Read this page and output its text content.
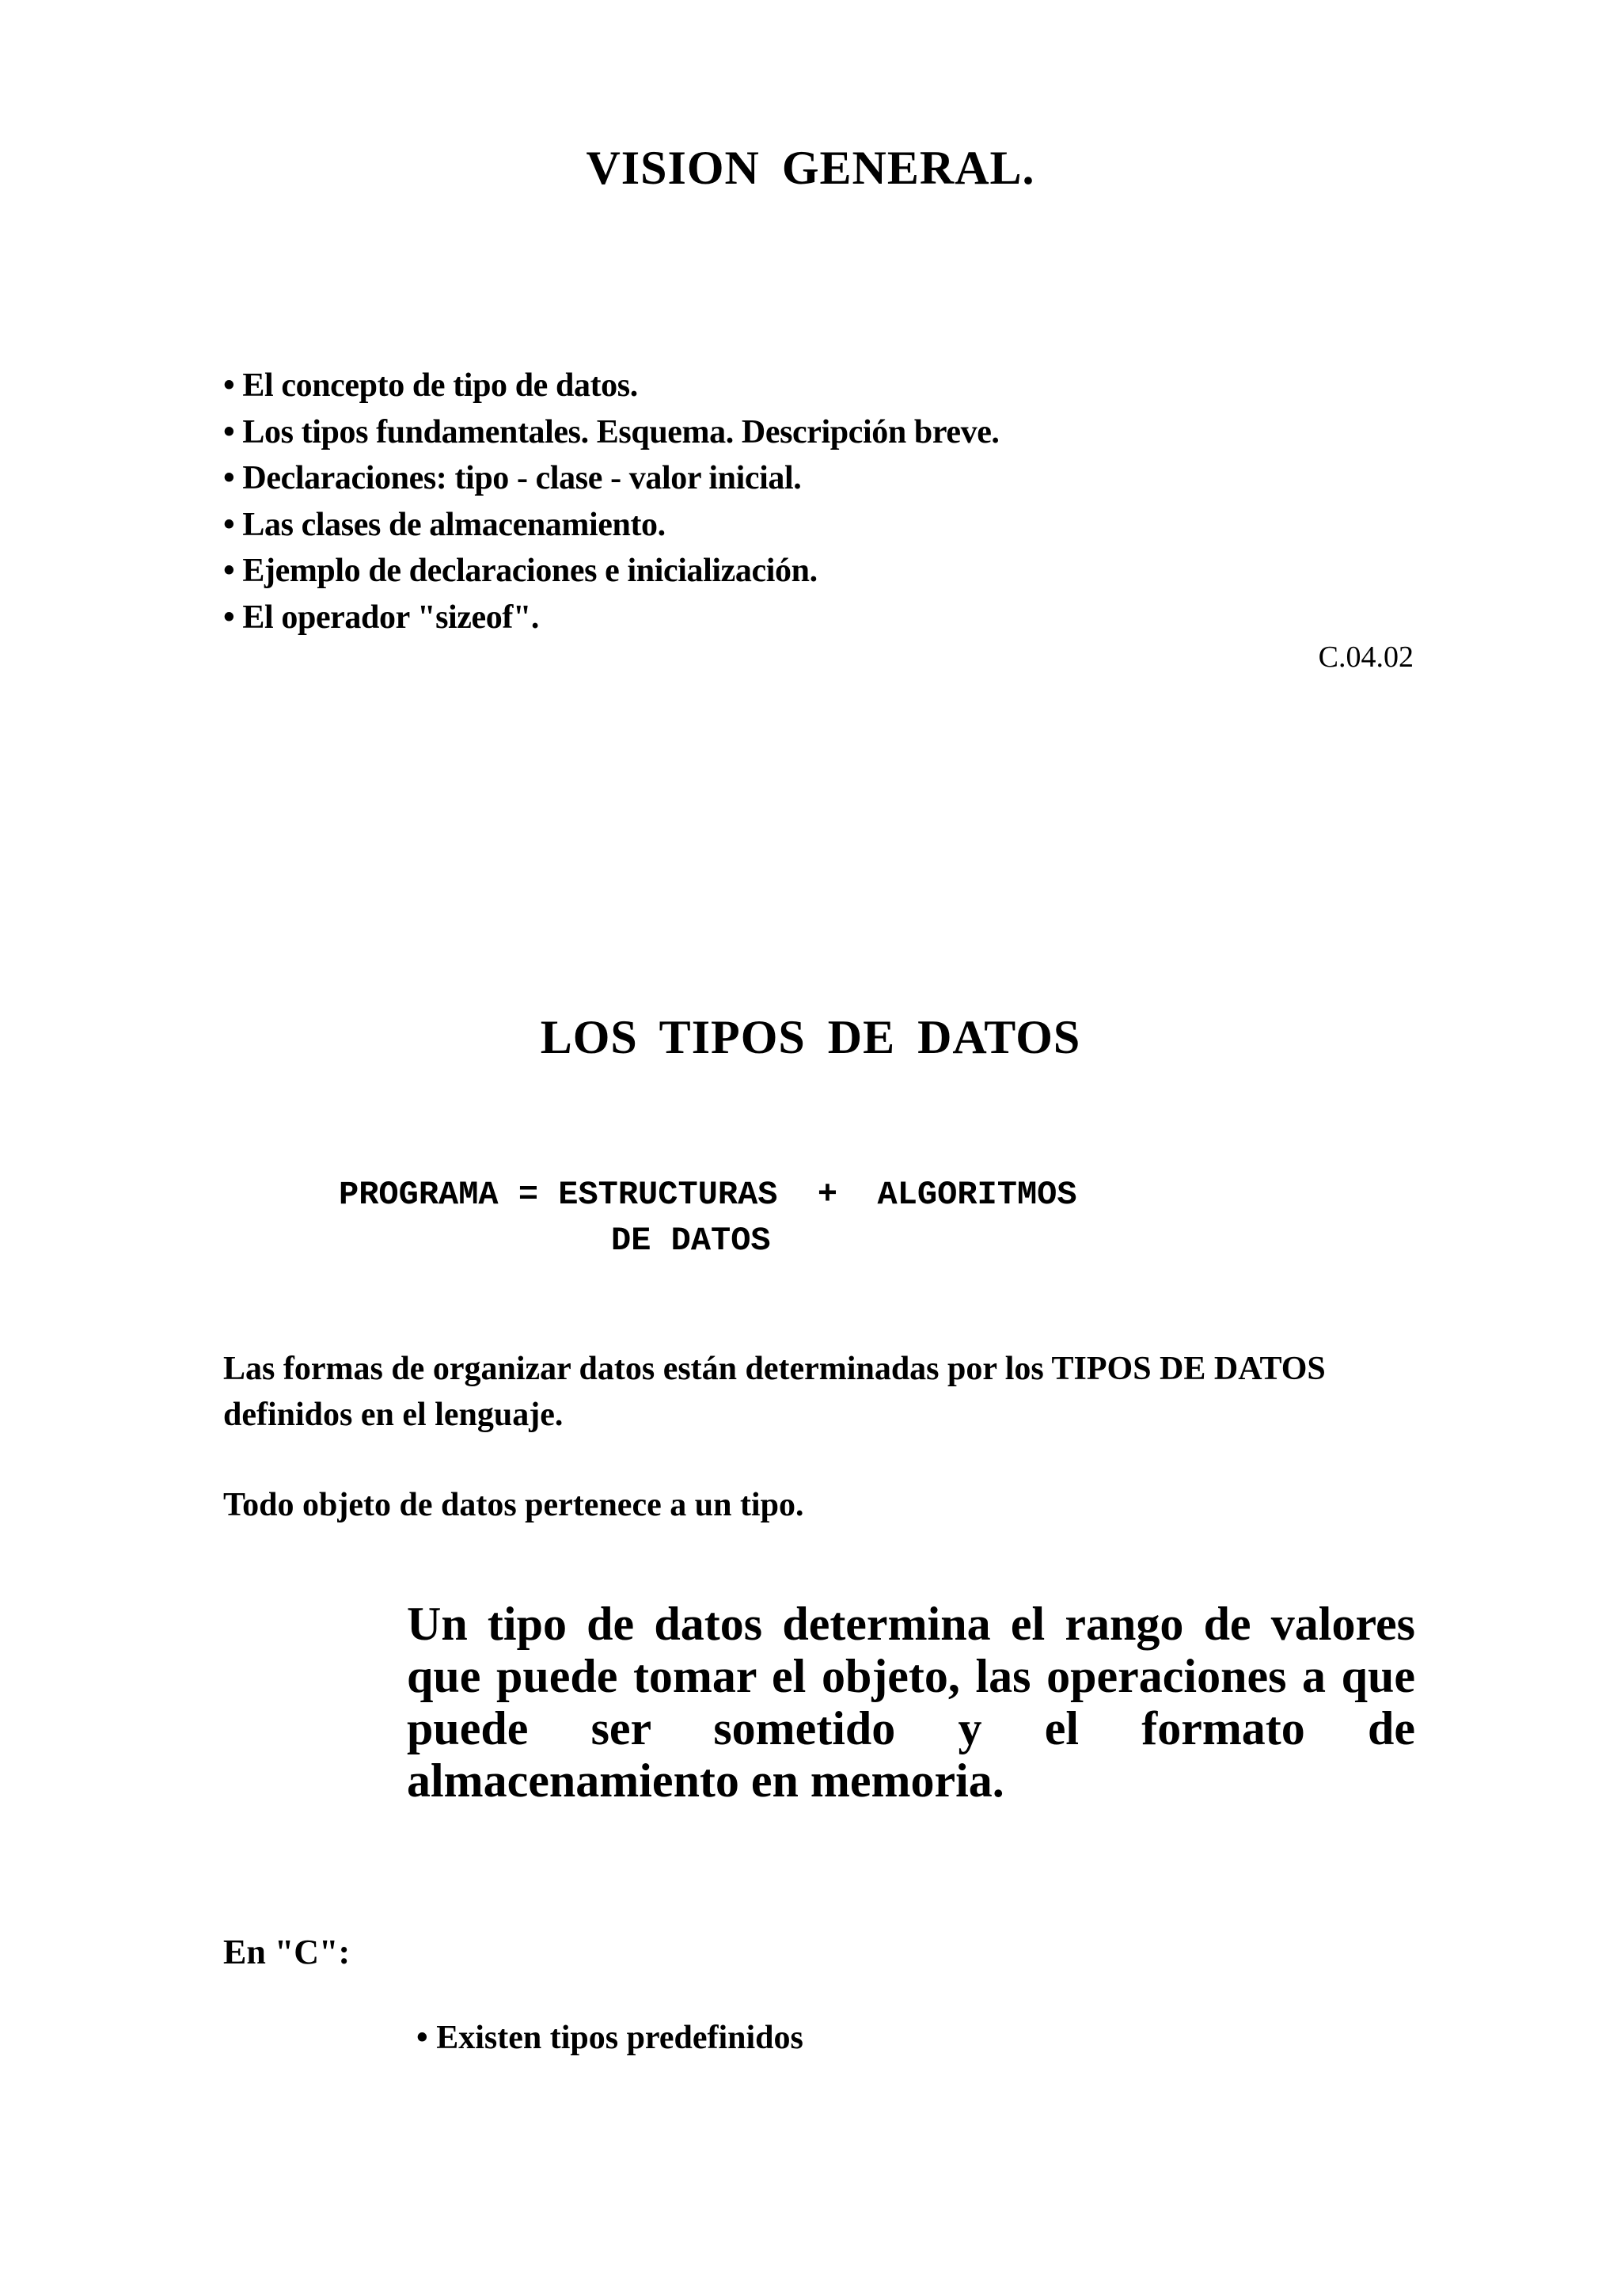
VISION GENERAL.
• El concepto de tipo de datos.
• Los tipos fundamentales. Esquema. Descripción breve.
• Declaraciones: tipo - clase - valor inicial.
• Las clases de almacenamiento.
• Ejemplo de declaraciones e inicialización.
• El operador "sizeof".
C.04.02
LOS TIPOS DE DATOS
PROGRAMA = ESTRUCTURAS  +  ALGORITMOS
DE DATOS
Las formas de organizar datos están determinadas por los TIPOS DE DATOS definidos en el lenguaje.
Todo objeto de datos pertenece a un tipo.
Un tipo de datos determina el rango de valores que puede tomar el objeto, las operaciones a que puede ser sometido y el formato de almacenamiento en memoria.
En "C":
• Existen tipos predefinidos
